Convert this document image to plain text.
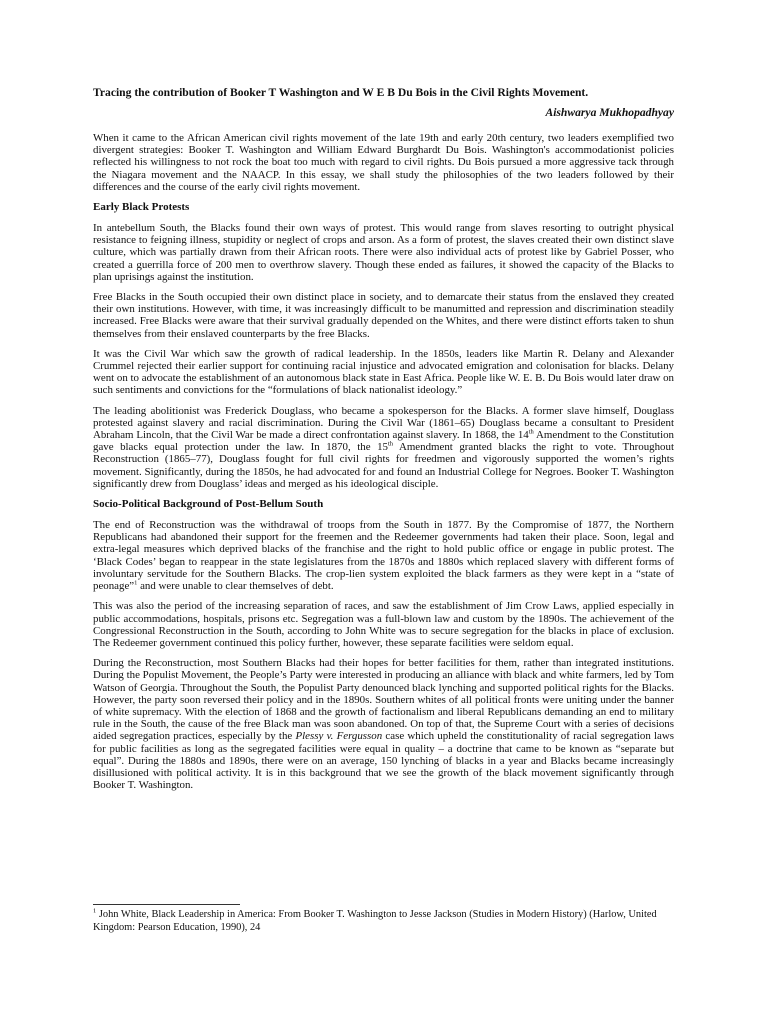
Tracing the contribution of Booker T Washington and W E B Du Bois in the Civil Rights Movement.
Aishwarya Mukhopadhyay

When it came to the African American civil rights movement of the late 19th and early 20th century, two leaders exemplified two divergent strategies: Booker T. Washington and William Edward Burghardt Du Bois. Washington's accommodationist policies reflected his willingness to not rock the boat too much with regard to civil rights. Du Bois pursued a more aggressive tack through the Niagara movement and the NAACP. In this essay, we shall study the philosophies of the two leaders followed by their differences and the course of the early civil rights movement.

Early Black Protests

In antebellum South, the Blacks found their own ways of protest. This would range from slaves resorting to outright physical resistance to feigning illness, stupidity or neglect of crops and arson. As a form of protest, the slaves created their own distinct slave culture, which was partially drawn from their African roots. There were also individual acts of protest like by Gabriel Posser, who created a guerrilla force of 200 men to overthrow slavery. Though these ended as failures, it showed the capacity of the Blacks to plan uprisings against the institution.

Free Blacks in the South occupied their own distinct place in society, and to demarcate their status from the enslaved they created their own institutions. However, with time, it was increasingly difficult to be manumitted and repression and discrimination steadily increased. Free Blacks were aware that their survival gradually depended on the Whites, and there were distinct efforts taken to shun themselves from their enslaved counterparts by the free Blacks.

It was the Civil War which saw the growth of radical leadership. In the 1850s, leaders like Martin R. Delany and Alexander Crummel rejected their earlier support for continuing racial injustice and advocated emigration and colonisation for blacks. Delany went on to advocate the establishment of an autonomous black state in East Africa. People like W. E. B. Du Bois would later draw on such sentiments and convictions for the “formulations of black nationalist ideology.”

The leading abolitionist was Frederick Douglass, who became a spokesperson for the Blacks. A former slave himself, Douglass protested against slavery and racial discrimination. During the Civil War (1861–65) Douglass became a consultant to President Abraham Lincoln, that the Civil War be made a direct confrontation against slavery. In 1868, the 14th Amendment to the Constitution gave blacks equal protection under the law. In 1870, the 15th Amendment granted blacks the right to vote. Throughout Reconstruction (1865–77), Douglass fought for full civil rights for freedmen and vigorously supported the women’s rights movement. Significantly, during the 1850s, he had advocated for and found an Industrial College for Negroes. Booker T. Washington significantly drew from Douglass’ ideas and merged as his ideological disciple.

Socio-Political Background of Post-Bellum South

The end of Reconstruction was the withdrawal of troops from the South in 1877. By the Compromise of 1877, the Northern Republicans had abandoned their support for the freemen and the Redeemer governments had taken their place. Soon, legal and extra-legal measures which deprived blacks of the franchise and the right to hold public office or engage in public protest. The ‘Black Codes’ began to reappear in the state legislatures from the 1870s and 1880s which replaced slavery with different forms of involuntary servitude for the Southern Blacks. The crop-lien system exploited the black farmers as they were kept in a “state of peonage”$^1$ and were unable to clear themselves of debt.

This was also the period of the increasing separation of races, and saw the establishment of Jim Crow Laws, applied especially in public accommodations, hospitals, prisons etc. Segregation was a full-blown law and custom by the 1890s. The achievement of the Congressional Reconstruction in the South, according to John White was to secure segregation for the blacks in place of exclusion. The Redeemer government continued this policy further, however, these separate facilities were seldom equal.

During the Reconstruction, most Southern Blacks had their hopes for better facilities for them, rather than integrated institutions. During the Populist Movement, the People’s Party were interested in producing an alliance with black and white farmers, led by Tom Watson of Georgia. Throughout the South, the Populist Party denounced black lynching and supported political rights for the Blacks. However, the party soon reversed their policy and in the 1890s. Southern whites of all political fronts were uniting under the banner of white supremacy. With the election of 1868 and the growth of factionalism and liberal Republicans demanding an end to military rule in the South, the cause of the free Black man was soon abandoned. On top of that, the Supreme Court with a series of decisions aided segregation practices, especially by the Plessy v. Fergusson case which upheld the constitutionality of racial segregation laws for public facilities as long as the segregated facilities were equal in quality – a doctrine that came to be known as “separate but equal”. During the 1880s and 1890s, there were on an average, 150 lynching of blacks in a year and Blacks became increasingly disillusioned with political activity. It is in this background that we see the growth of the black movement significantly through Booker T. Washington.

$^1$ John White, Black Leadership in America: From Booker T. Washington to Jesse Jackson (Studies in Modern History) (Harlow, United Kingdom: Pearson Education, 1990), 24
